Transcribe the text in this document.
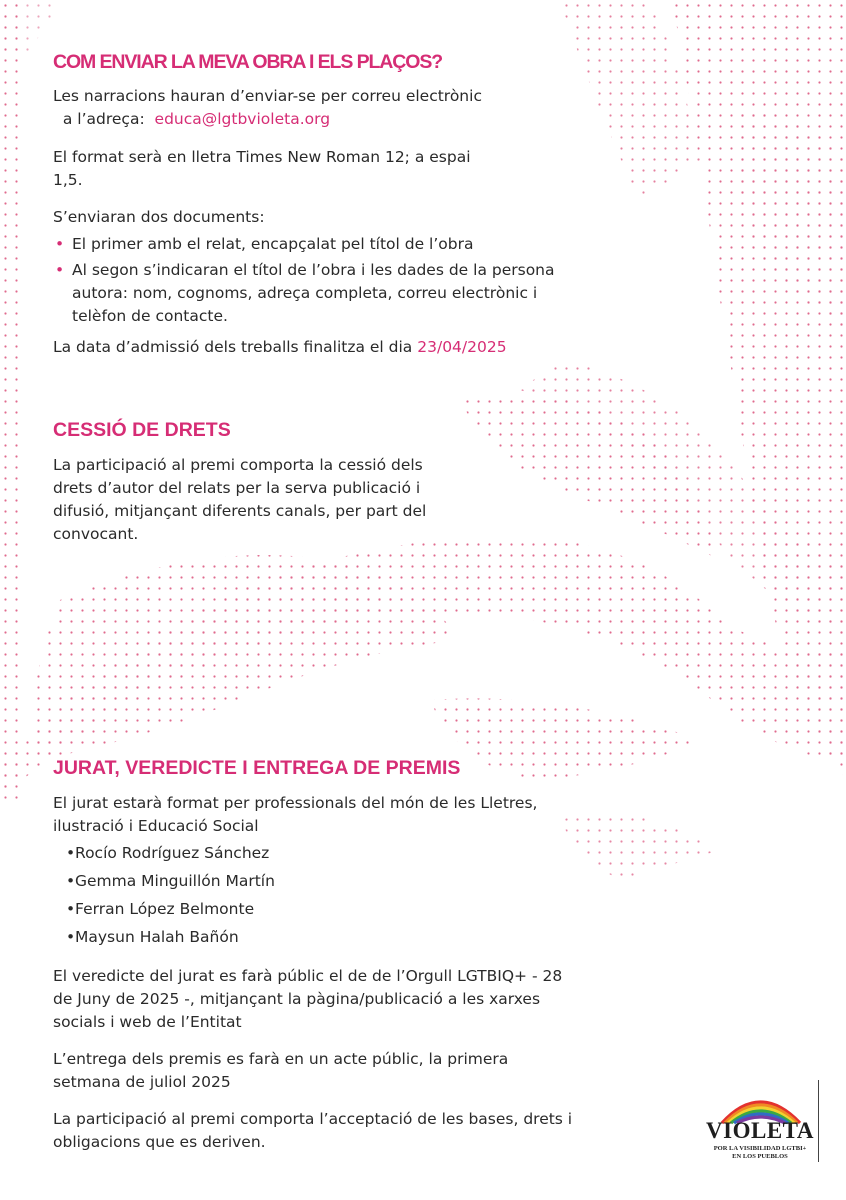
COM ENVIAR LA MEVA OBRA I ELS PLAÇOS?

Les narracions hauran d’enviar-se per correu electrònic
a l’adreça: educa@lgtbvioleta.org

El format serà en lletra Times New Roman 12; a espai
1,5.

S’enviaran dos documents:

• El primer amb el relat, encapçalat pel títol de l’obra
• Al segon s’indicaran el títol de l’obra i les dades de la persona autora: nom, cognoms, adreça completa, correu electrònic i telèfon de contacte.

La data d’admissió dels treballs finalitza el dia 23/04/2025

CESSIÓ DE DRETS

La participació al premi comporta la cessió dels drets d’autor del relats per la serva publicació i difusió, mitjançant diferents canals, per part del convocant.

JURAT, VEREDICTE I ENTREGA DE PREMIS

El jurat estarà format per professionals del món de les Lletres, ilustració i Educació Social

• Rocío Rodríguez Sánchez
• Gemma Minguillón Martín
• Ferran López Belmonte
• Maysun Halah Bañón

El veredicte del jurat es farà públic el de de l’Orgull LGTBIQ+ - 28 de Juny de 2025 -, mitjançant la pàgina/publicació a les xarxes socials i web de l’Entitat

L’entrega dels premis es farà en un acte públic, la primera setmana de juliol 2025

La participació al premi comporta l’acceptació de les bases, drets i obligacions que es deriven.	VIOLETA
POR LA VISIBILIDAD LGTBI+
EN LOS PUEBLOS
